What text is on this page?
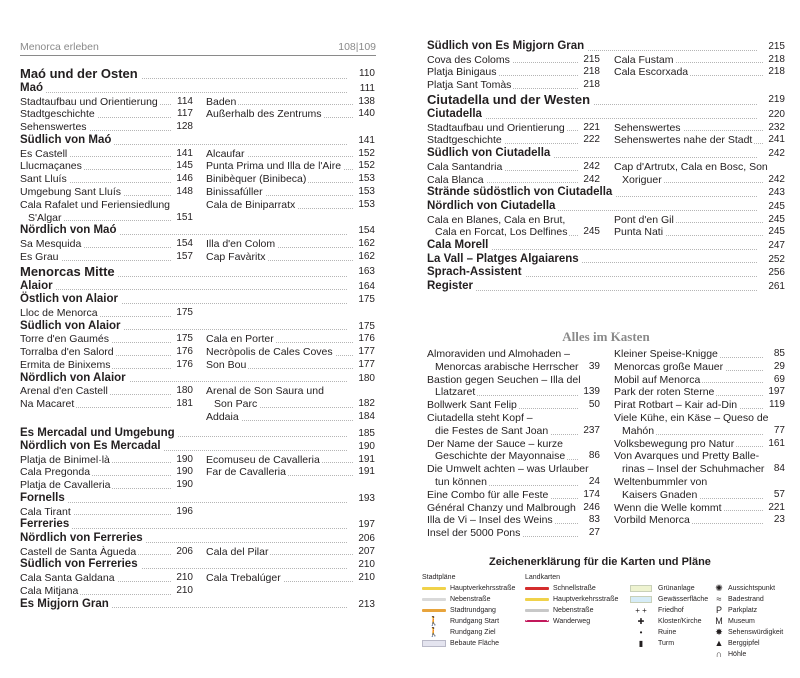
Menorca erleben	108|109
Maó und der Osten	110
Maó	111
Stadtaufbau und Orientierung 114 Baden	138
Stadtgeschichte	117 Außerhalb des Zentrums	140
Sehenswertes	128
Südlich von Maó	141
Es Castell	141 Alcaufar	152
Llucmaçanes	145 Punta Prima und Illa de l'Aire 152
Sant Lluís	146 Binibèquer (Binibeca)	153
Umgebung Sant Lluís	148 Binissafúller	153
Cala Rafalet und Feriensiedlung	Cala de Biniparratx	153
S'Algar	151
Nördlich von Maó	154
Sa Mesquida	154 Illa d'en Colom	162
Es Grau	157 Cap Favàritx	162
Menorcas Mitte	163
Alaior	164
Östlich von Alaior	175
Lloc de Menorca	175
Südlich von Alaior	175
Torre d'en Gaumés	175 Cala en Porter	176
Torralba d'en Salord	176 Necròpolis de Cales Coves	177
Ermita de Binixems	176 Son Bou	177
Nördlich von Alaior	180
Arenal d'en Castell	180 Arenal de Son Saura und
Na Macaret	181	Son Parc	182
Addaia	184
Es Mercadal und Umgebung	185
Nördlich von Es Mercadal	190
Platja de Binimel·là	190 Ecomuseu de Cavalleria	191
Cala Pregonda	190 Far de Cavalleria	191
Platja de Cavalleria	190
Fornells	193
Cala Tirant	196
Ferreries	197
Nördlich von Ferreries	206
Castell de Santa Àgueda	206 Cala del Pilar	207
Südlich von Ferreries	210
Cala Santa Galdana	210 Cala Trebalúger	210
Cala Mitjana	210
Es Migjorn Gran	213
Südlich von Es Migjorn Gran	215
Cova des Coloms	215 Cala Fustam	218
Platja Binigaus	218 Cala Escorxada	218
Platja Sant Tomàs	218
Ciutadella und der Westen	219
Ciutadella	220
Stadtaufbau und Orientierung 221 Sehenswertes	232
Stadtgeschichte	222 Sehenswertes nahe der Stadt 241
Südlich von Ciutadella	242
Cala Santandria	242 Cap d'Artrutx, Cala en Bosc, Son
Cala Blanca	242	Xoriguer	242
Strände südöstlich von Ciutadella	243
Nördlich von Ciutadella	245
Cala en Blanes, Cala en Brut,	Pont d'en Gil	245
Cala en Forcat, Los Delfines 245 Punta Nati	245
Cala Morell	247
La Vall – Platges Algaiarens	252
Sprach-Assistent	256
Register	261
Alles im Kasten
Almoraviden und Almohaden –	Kleiner Speise-Knigge	85
Menorcas arabische Herrscher 39 Menorcas große Mauer	29
Bastion gegen Seuchen – Illa del	Mobil auf Menorca	69
Llatzaret	139 Park der roten Sterne	197
Bollwerk Sant Felip	50 Pirat Rotbart – Kair ad-Din	119
Ciutadella steht Kopf –	Viele Kühe, ein Käse – Queso de
die Festes de Sant Joan	237	Mahón	77
Der Name der Sauce – kurze	Volksbewegung pro Natur	161
Geschichte der Mayonnaise 86 Von Avarques und Pretty Balle-
Die Umwelt achten – was Urlauber	rinas – Insel der Schuhmacher 84
tun können	24 Weltenbummler von
Eine Combo für alle Feste	174	Kaisers Gnaden	57
Général Chanzy und Malbrough 246 Wenn die Welle kommt	221
Illa de Vi – Insel des Weins	83 Vorbild Menorca	23
Insel der 5000 Pons	27
Zeichenerklärung für die Karten und Pläne
Stadtpläne
Hauptverkehrsstraße
Nebenstraße
Stadtrundgang
🚶 Rundgang Start
🚶 Rundgang Ziel
Bebaute Fläche
Landkarten
Schnellstraße
Hauptverkehrsstraße
Nebenstraße
Wanderweg
Grünanlage
Gewässerfläche
+ +	Friedhof
✚	Kloster/Kirche
•	Ruine
▮	Turm
✺ Aussichtspunkt
≈ Badestrand
P Parkplatz
M Museum
✸ Sehenswürdigkeit
▲ Berggipfel
∩ Höhle
